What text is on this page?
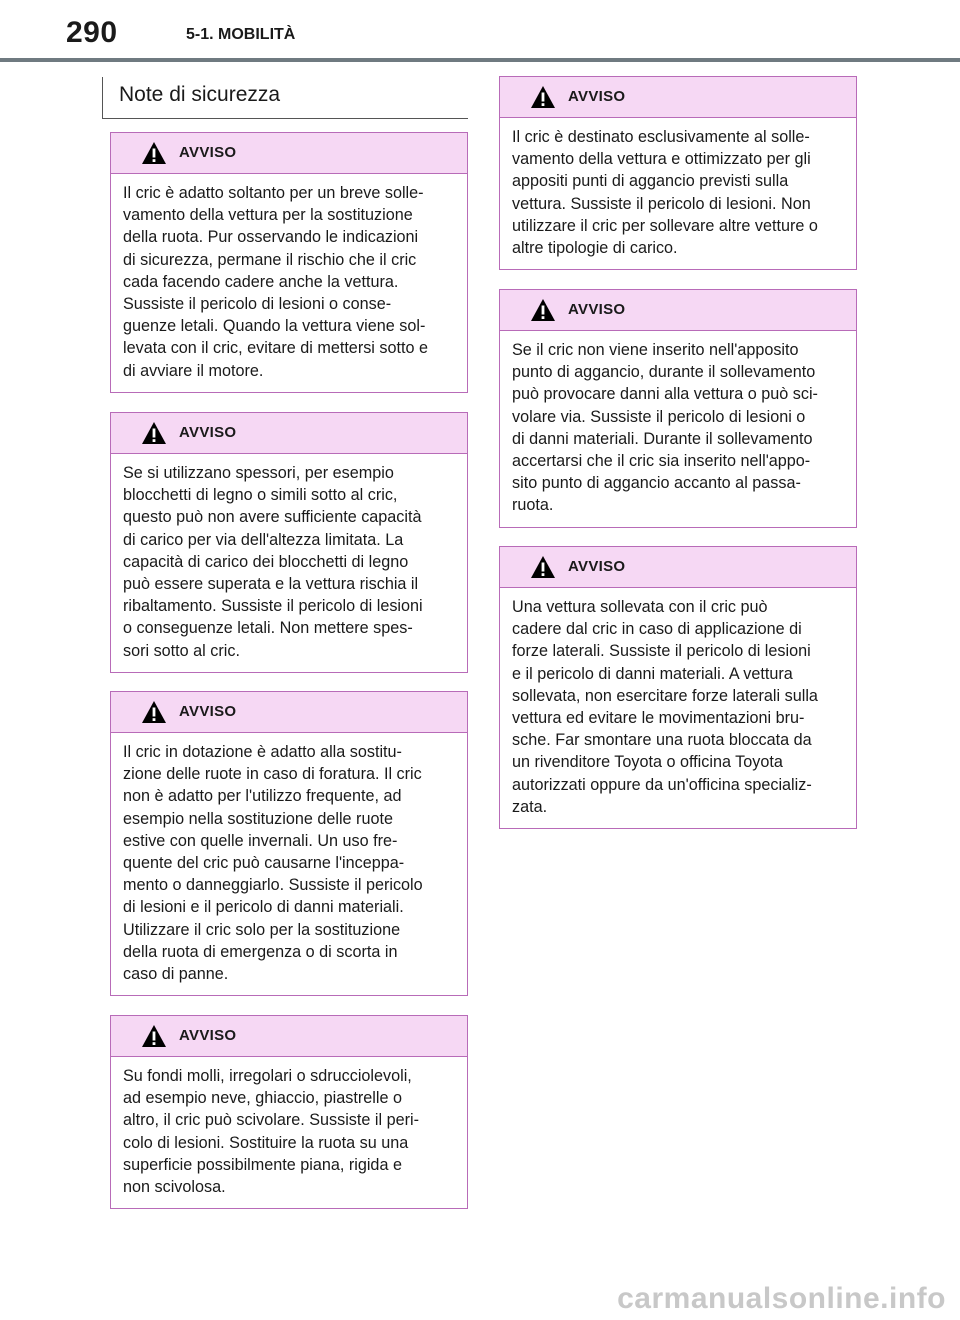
290	5-1. MOBILITÀ
Note di sicurezza
AVVISO
Il cric è adatto soltanto per un breve solle-
vamento della vettura per la sostituzione
della ruota. Pur osservando le indicazioni
di sicurezza, permane il rischio che il cric
cada facendo cadere anche la vettura.
Sussiste il pericolo di lesioni o conse-
guenze letali. Quando la vettura viene sol-
levata con il cric, evitare di mettersi sotto e
di avviare il motore.
AVVISO
Se si utilizzano spessori, per esempio
blocchetti di legno o simili sotto al cric,
questo può non avere sufficiente capacità
di carico per via dell'altezza limitata. La
capacità di carico dei blocchetti di legno
può essere superata e la vettura rischia il
ribaltamento. Sussiste il pericolo di lesioni
o conseguenze letali. Non mettere spes-
sori sotto al cric.
AVVISO
Il cric in dotazione è adatto alla sostitu-
zione delle ruote in caso di foratura. Il cric
non è adatto per l'utilizzo frequente, ad
esempio nella sostituzione delle ruote
estive con quelle invernali. Un uso fre-
quente del cric può causarne l'inceppa-
mento o danneggiarlo. Sussiste il pericolo
di lesioni e il pericolo di danni materiali.
Utilizzare il cric solo per la sostituzione
della ruota di emergenza o di scorta in
caso di panne.
AVVISO
Su fondi molli, irregolari o sdrucciolevoli,
ad esempio neve, ghiaccio, piastrelle o
altro, il cric può scivolare. Sussiste il peri-
colo di lesioni. Sostituire la ruota su una
superficie possibilmente piana, rigida e
non scivolosa.
AVVISO
Il cric è destinato esclusivamente al solle-
vamento della vettura e ottimizzato per gli
appositi punti di aggancio previsti sulla
vettura. Sussiste il pericolo di lesioni. Non
utilizzare il cric per sollevare altre vetture o
altre tipologie di carico.
AVVISO
Se il cric non viene inserito nell'apposito
punto di aggancio, durante il sollevamento
può provocare danni alla vettura o può sci-
volare via. Sussiste il pericolo di lesioni o
di danni materiali. Durante il sollevamento
accertarsi che il cric sia inserito nell'appo-
sito punto di aggancio accanto al passa-
ruota.
AVVISO
Una vettura sollevata con il cric può
cadere dal cric in caso di applicazione di
forze laterali. Sussiste il pericolo di lesioni
e il pericolo di danni materiali. A vettura
sollevata, non esercitare forze laterali sulla
vettura ed evitare le movimentazioni bru-
sche. Far smontare una ruota bloccata da
un rivenditore Toyota o officina Toyota
autorizzati oppure da un'officina specializ-
zata.
carmanualsonline.info
